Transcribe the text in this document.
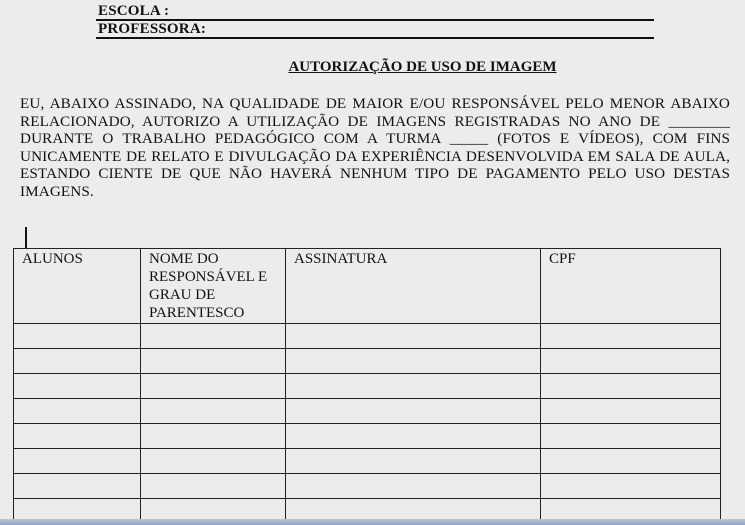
ESCOLA :
PROFESSORA:
AUTORIZAÇÃO DE USO DE IMAGEM

EU, ABAIXO ASSINADO, NA QUALIDADE DE MAIOR E/OU RESPONSÁVEL PELO MENOR ABAIXO RELACIONADO, AUTORIZO A UTILIZAÇÃO DE IMAGENS REGISTRADAS NO ANO DE ________ DURANTE O TRABALHO PEDAGÓGICO COM A TURMA _____ (FOTOS E VÍDEOS), COM FINS UNICAMENTE DE RELATO E DIVULGAÇÃO DA EXPERIÊNCIA DESENVOLVIDA EM SALA DE AULA, ESTANDO CIENTE DE QUE NÃO HAVERÁ NENHUM TIPO DE PAGAMENTO PELO USO DESTAS IMAGENS.

ALUNOS	NOME DO RESPONSÁVEL E GRAU DE PARENTESCO	ASSINATURA	CPF
